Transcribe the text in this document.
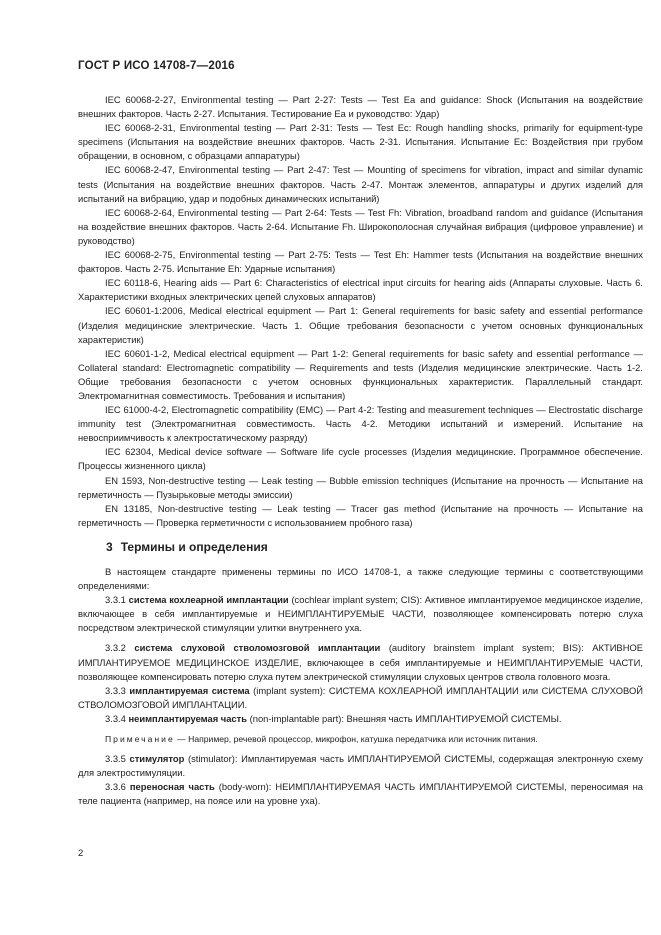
ГОСТ Р ИСО 14708-7—2016

IEC 60068-2-27, Environmental testing — Part 2-27: Tests — Test Ea and guidance: Shock (Испытания на воздействие внешних факторов. Часть 2-27. Испытания. Тестирование Ea и руководство: Удар)

IEC 60068-2-31, Environmental testing — Part 2-31: Tests — Test Ec: Rough handling shocks, primarily for equipment-type specimens (Испытания на воздействие внешних факторов. Часть 2-31. Испытания. Испытание Ec: Воздействия при грубом обращении, в основном, с образцами аппаратуры)

IEC 60068-2-47, Environmental testing — Part 2-47: Test — Mounting of specimens for vibration, impact and similar dynamic tests (Испытания на воздействие внешних факторов. Часть 2-47. Монтаж элементов, аппаратуры и других изделий для испытаний на вибрацию, удар и подобных динамических испытаний)

IEC 60068-2-64, Environmental testing — Part 2-64: Tests — Test Fh: Vibration, broadband random and guidance (Испытания на воздействие внешних факторов. Часть 2-64. Испытание Fh. Широкополосная случайная вибрация (цифровое управление) и руководство)

IEC 60068-2-75, Environmental testing — Part 2-75: Tests — Test Eh: Hammer tests (Испытания на воздействие внешних факторов. Часть 2-75. Испытание Eh: Ударные испытания)

IEC 60118-6, Hearing aids — Part 6: Characteristics of electrical input circuits for hearing aids (Аппараты слуховые. Часть 6. Характеристики входных электрических цепей слуховых аппаратов)

IEC 60601-1:2006, Medical electrical equipment — Part 1: General requirements for basic safety and essential performance (Изделия медицинские электрические. Часть 1. Общие требования безопасности с учетом основных функциональных характеристик)

IEC 60601-1-2, Medical electrical equipment — Part 1-2: General requirements for basic safety and essential performance — Collateral standard: Electromagnetic compatibility — Requirements and tests (Изделия медицинские электрические. Часть 1-2. Общие требования безопасности с учетом основных функциональных характеристик. Параллельный стандарт. Электромагнитная совместимость. Требования и испытания)

IEC 61000-4-2, Electromagnetic compatibility (EMC) — Part 4-2: Testing and measurement techniques — Electrostatic discharge immunity test (Электромагнитная совместимость. Часть 4-2. Методики испытаний и измерений. Испытание на невосприимчивость к электростатическому разряду)

IEC 62304, Medical device software — Software life cycle processes (Изделия медицинские. Программное обеспечение. Процессы жизненного цикла)

EN 1593, Non-destructive testing — Leak testing — Bubble emission techniques (Испытание на прочность — Испытание на герметичность — Пузырьковые методы эмиссии)

EN 13185, Non-destructive testing — Leak testing — Tracer gas method (Испытание на прочность — Испытание на герметичность — Проверка герметичности с использованием пробного газа)

3 Термины и определения

В настоящем стандарте применены термины по ИСО 14708-1, а также следующие термины с соответствующими определениями:

3.3.1 система кохлеарной имплантации (cochlear implant system; CIS): Активное имплантируемое медицинское изделие, включающее в себя имплантируемые и НЕИМПЛАНТИРУЕМЫЕ ЧАСТИ, позволяющее компенсировать потерю слуха посредством электрической стимуляции улитки внутреннего уха.

3.3.2 система слуховой стволомозговой имплантации (auditory brainstem implant system; BIS): АКТИВНОЕ ИМПЛАНТИРУЕМОЕ МЕДИЦИНСКОЕ ИЗДЕЛИЕ, включающее в себя имплантируемые и НЕИМПЛАНТИРУЕМЫЕ ЧАСТИ, позволяющее компенсировать потерю слуха путем электрической стимуляции слуховых центров ствола головного мозга.

3.3.3 имплантируемая система (implant system): СИСТЕМА КОХЛЕАРНОЙ ИМПЛАНТАЦИИ или СИСТЕМА СЛУХОВОЙ СТВОЛОМОЗГОВОЙ ИМПЛАНТАЦИИ.

3.3.4 неимплантируемая часть (non-implantable part): Внешняя часть ИМПЛАНТИРУЕМОЙ СИСТЕМЫ.

Примечание — Например, речевой процессор, микрофон, катушка передатчика или источник питания.

3.3.5 стимулятор (stimulator): Имплантируемая часть ИМПЛАНТИРУЕМОЙ СИСТЕМЫ, содержащая электронную схему для электростимуляции.

3.3.6 переносная часть (body-worn): НЕИМПЛАНТИРУЕМАЯ ЧАСТЬ ИМПЛАНТИРУЕМОЙ СИСТЕМЫ, переносимая на теле пациента (например, на поясе или на уровне уха).

2
